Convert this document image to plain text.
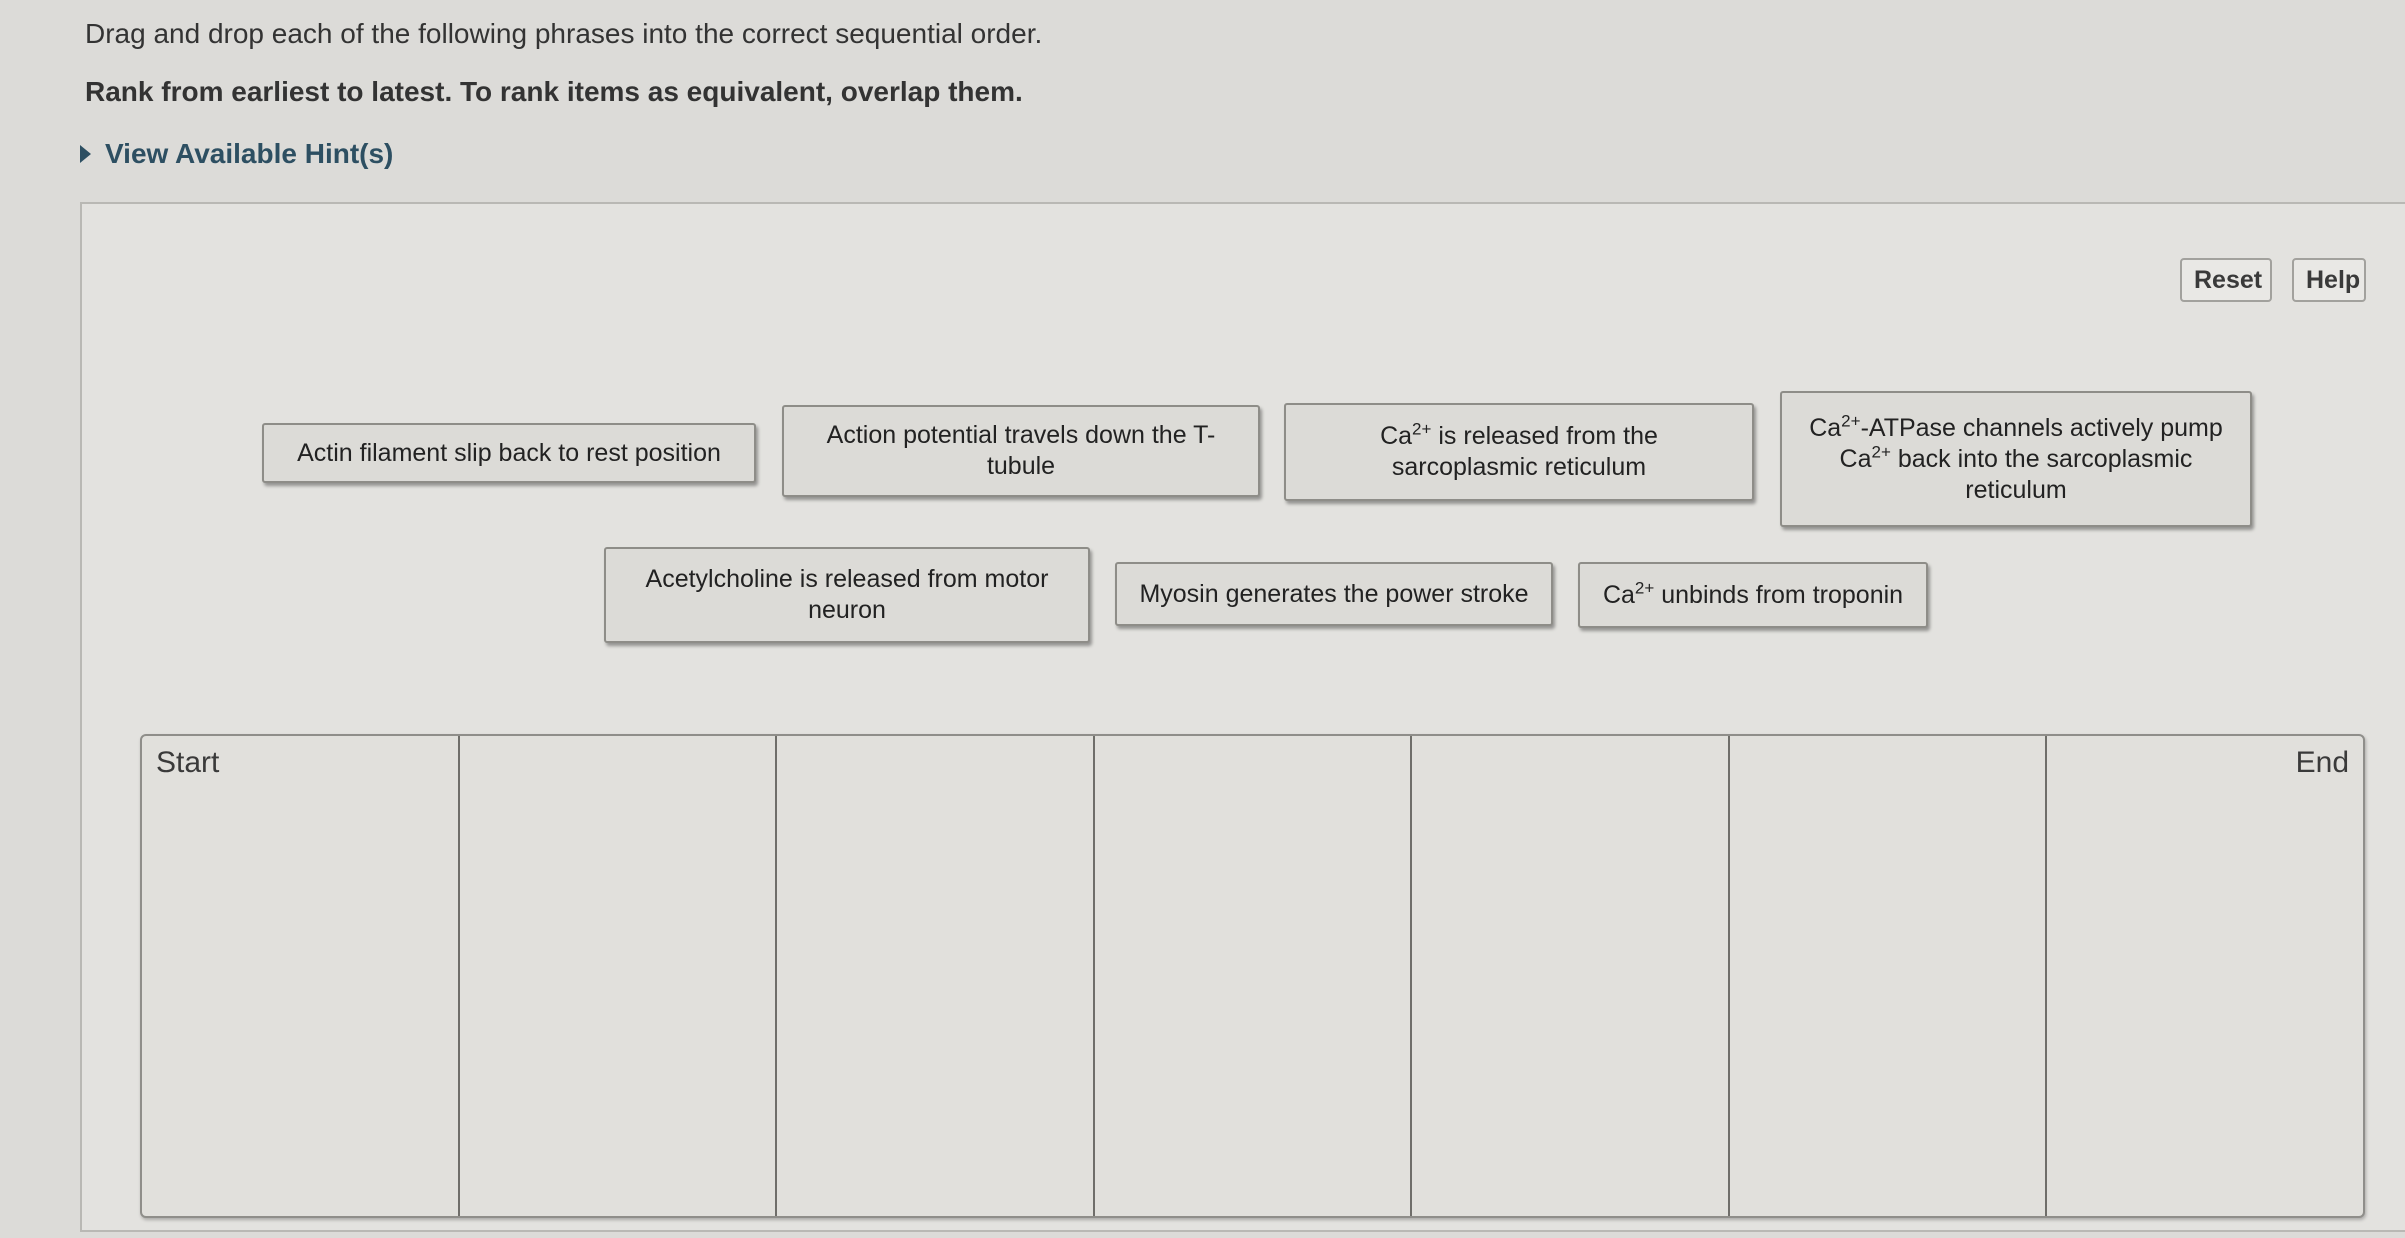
Drag and drop each of the following phrases into the correct sequential order.
Rank from earliest to latest. To rank items as equivalent, overlap them.
View Available Hint(s)
Reset	Help
Actin filament slip back to rest position
Action potential travels down the T-
tubule
$Ca^{2+}$ is released from the
sarcoplasmic reticulum
$Ca^{2+}$-ATPase channels actively pump
$Ca^{2+}$ back into the sarcoplasmic
reticulum
Acetylcholine is released from motor
neuron
Myosin generates the power stroke	$Ca^{2+}$ unbinds from troponin
Start	End
